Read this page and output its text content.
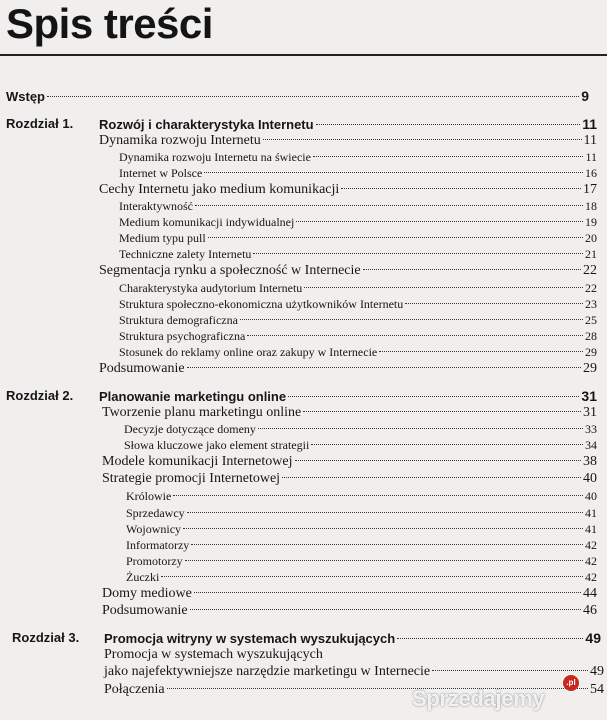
Spis treści
Wstęp	9
Rozdział 1. Rozwój i charakterystyka Internetu	11
Dynamika rozwoju Internetu	11
Dynamika rozwoju Internetu na świecie	11
Internet w Polsce	16
Cechy Internetu jako medium komunikacji	17
Interaktywność	18
Medium komunikacji indywidualnej	19
Medium typu pull	20
Techniczne zalety Internetu	21
Segmentacja rynku a społeczność w Internecie	22
Charakterystyka audytorium Internetu	22
Struktura społeczno-ekonomiczna użytkowników Internetu	23
Struktura demograficzna	25
Struktura psychograficzna	28
Stosunek do reklamy online oraz zakupy w Internecie	29
Podsumowanie	29
Rozdział 2. Planowanie marketingu online	31
Tworzenie planu marketingu online	31
Decyzje dotyczące domeny	33
Słowa kluczowe jako element strategii	34
Modele komunikacji Internetowej	38
Strategie promocji Internetowej	40
Królowie	40
Sprzedawcy	41
Wojownicy	41
Informatorzy	42
Promotorzy	42
Żuczki	42
Domy mediowe	44
Podsumowanie	46
Rozdział 3. Promocja witryny w systemach wyszukujących	49
Promocja w systemach wyszukujących
jako najefektywniejsze narzędzie marketingu w Internecie	49
Połączenia	54
Sprzedajemy
.pl
